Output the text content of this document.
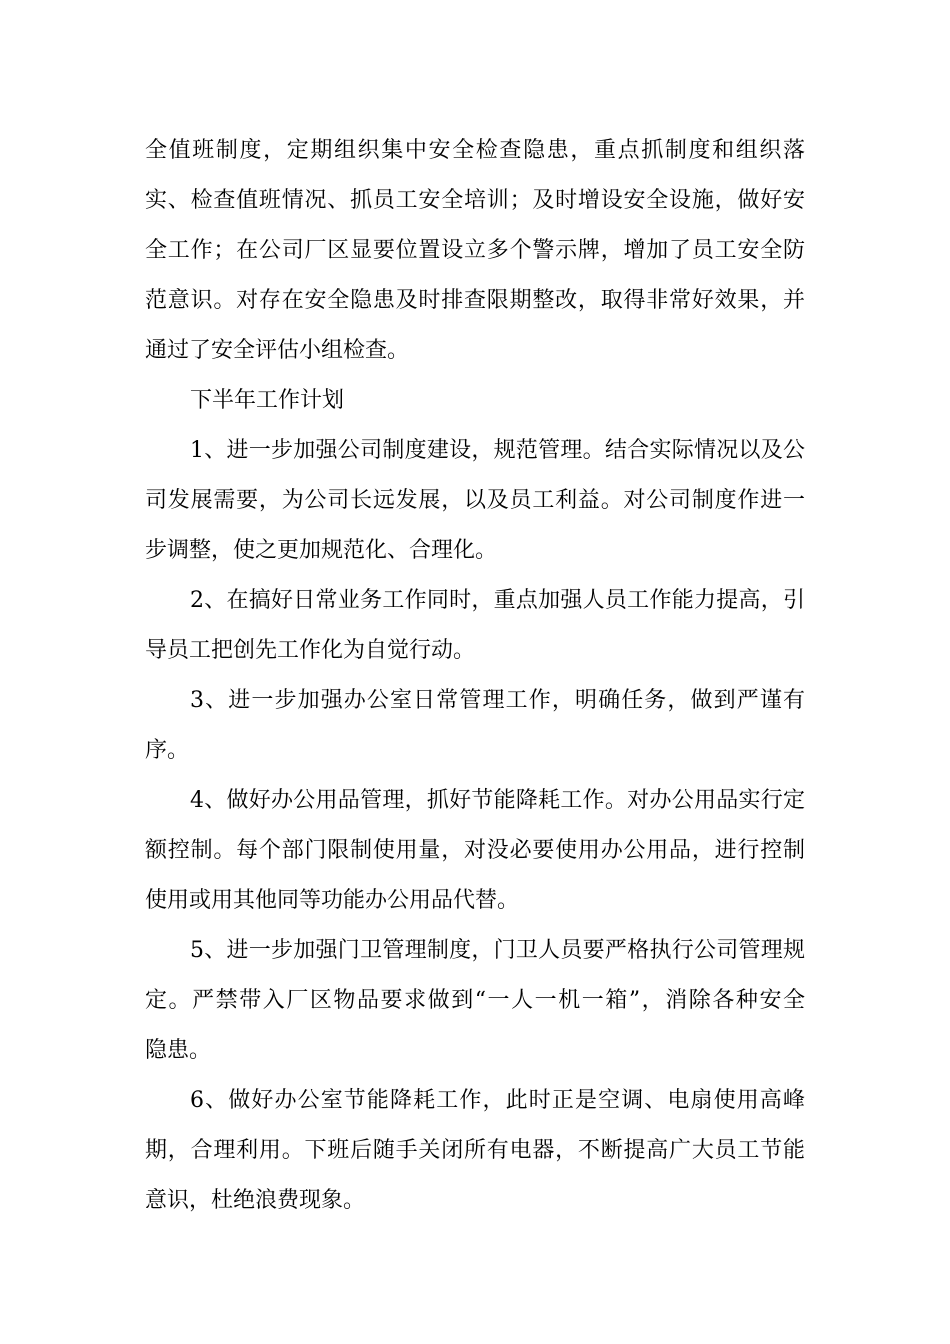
全值班制度，定期组织集中安全检查隐患，重点抓制度和组织落
实、检查值班情况、抓员工安全培训；及时增设安全设施，做好安
全工作；在公司厂区显要位置设立多个警示牌，增加了员工安全防
范意识。对存在安全隐患及时排查限期整改，取得非常好效果，并
通过了安全评估小组检查。
下半年工作计划
1、进一步加强公司制度建设，规范管理。结合实际情况以及公
司发展需要，为公司长远发展，以及员工利益。对公司制度作进一
步调整，使之更加规范化、合理化。
2、在搞好日常业务工作同时，重点加强人员工作能力提高，引
导员工把创先工作化为自觉行动。
3、进一步加强办公室日常管理工作，明确任务，做到严谨有
序。
4、做好办公用品管理，抓好节能降耗工作。对办公用品实行定
额控制。每个部门限制使用量，对没必要使用办公用品，进行控制
使用或用其他同等功能办公用品代替。
5、进一步加强门卫管理制度，门卫人员要严格执行公司管理规
定。严禁带入厂区物品要求做到“一人一机一箱”，消除各种安全
隐患。
6、做好办公室节能降耗工作，此时正是空调、电扇使用高峰
期，合理利用。下班后随手关闭所有电器，不断提高广大员工节能
意识，杜绝浪费现象。
